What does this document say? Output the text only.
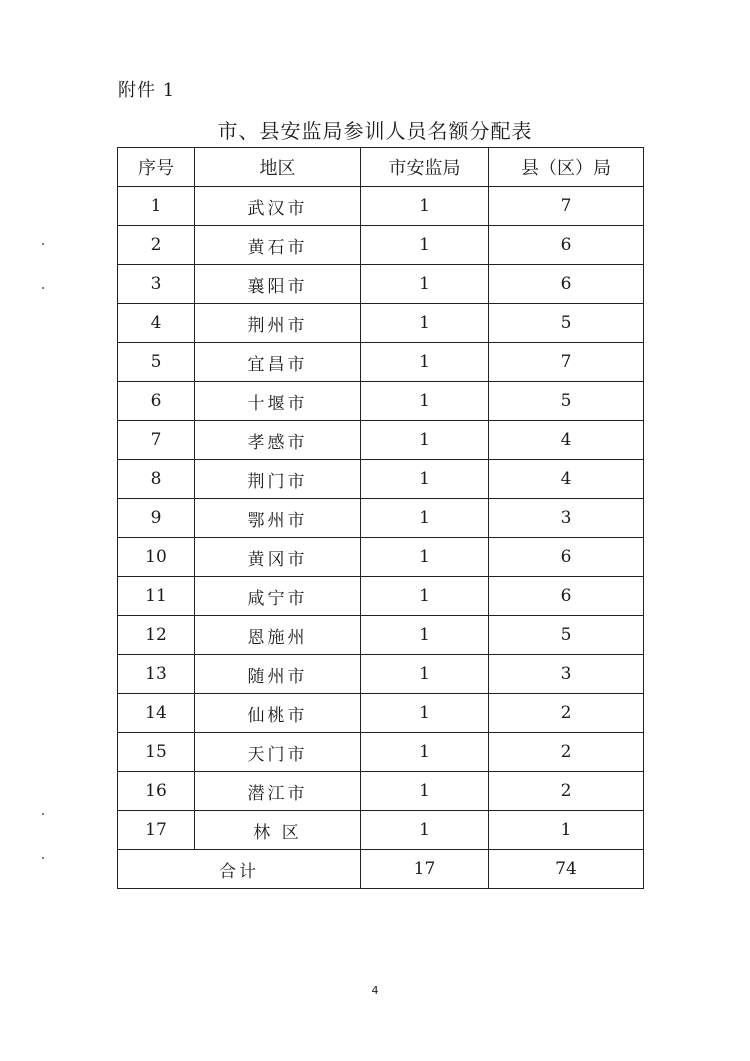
附件 1
市、县安监局参训人员名额分配表
序号	地区	市安监局	县（区）局
1	武汉市	1	7
2	黄石市	1	6
3	襄阳市	1	6
4	荆州市	1	5
5	宜昌市	1	7
6	十堰市	1	5
7	孝感市	1	4
8	荆门市	1	4
9	鄂州市	1	3
10	黄冈市	1	6
11	咸宁市	1	6
12	恩施州	1	5
13	随州市	1	3
14	仙桃市	1	2
15	天门市	1	2
16	潜江市	1	2
17	林 区	1	1
合计		17	74
4
